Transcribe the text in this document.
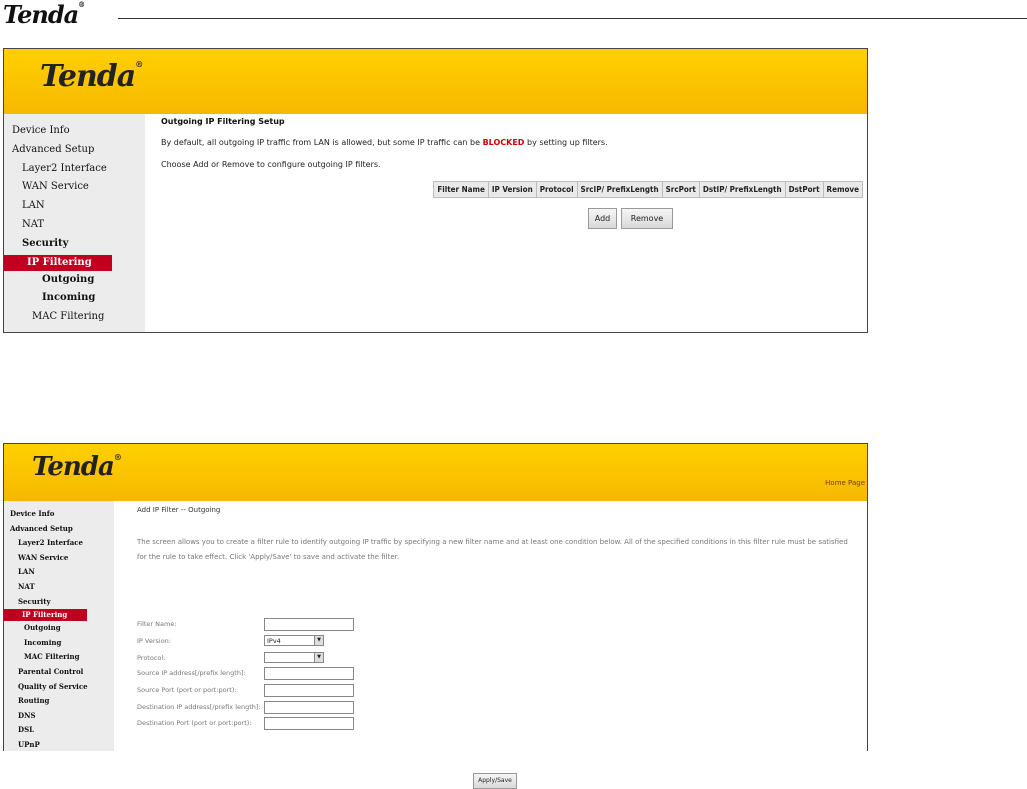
Tenda®
Tenda®
Device Info
Advanced Setup
Layer2 Interface
WAN Service
LAN
NAT
Security
IP Filtering
Outgoing
Incoming
MAC Filtering
Outgoing IP Filtering Setup
By default, all outgoing IP traffic from LAN is allowed, but some IP traffic can be BLOCKED by setting up filters.
Choose Add or Remove to configure outgoing IP filters.
Filter Name	IP Version	Protocol	SrcIP/ PrefixLength	SrcPort	DstIP/ PrefixLength	DstPort	Remove
Add	Remove
Tenda®
Home Page
Device Info
Advanced Setup
Layer2 Interface
WAN Service
LAN
NAT
Security
IP Filtering
Outgoing
Incoming
MAC Filtering
Parental Control
Quality of Service
Routing
DNS
DSL
UPnP
Add IP Filter -- Outgoing
The screen allows you to create a filter rule to identify outgoing IP traffic by specifying a new filter name and at least one condition below. All of the specified conditions in this filter rule must be satisfied for the rule to take effect. Click 'Apply/Save' to save and activate the filter.
Filter Name:
IP Version:	IPv4	▼
Protocol:	▼
Source IP address[/prefix length]:
Source Port (port or port:port):
Destination IP address[/prefix length]:
Destination Port (port or port:port):
Apply/Save
